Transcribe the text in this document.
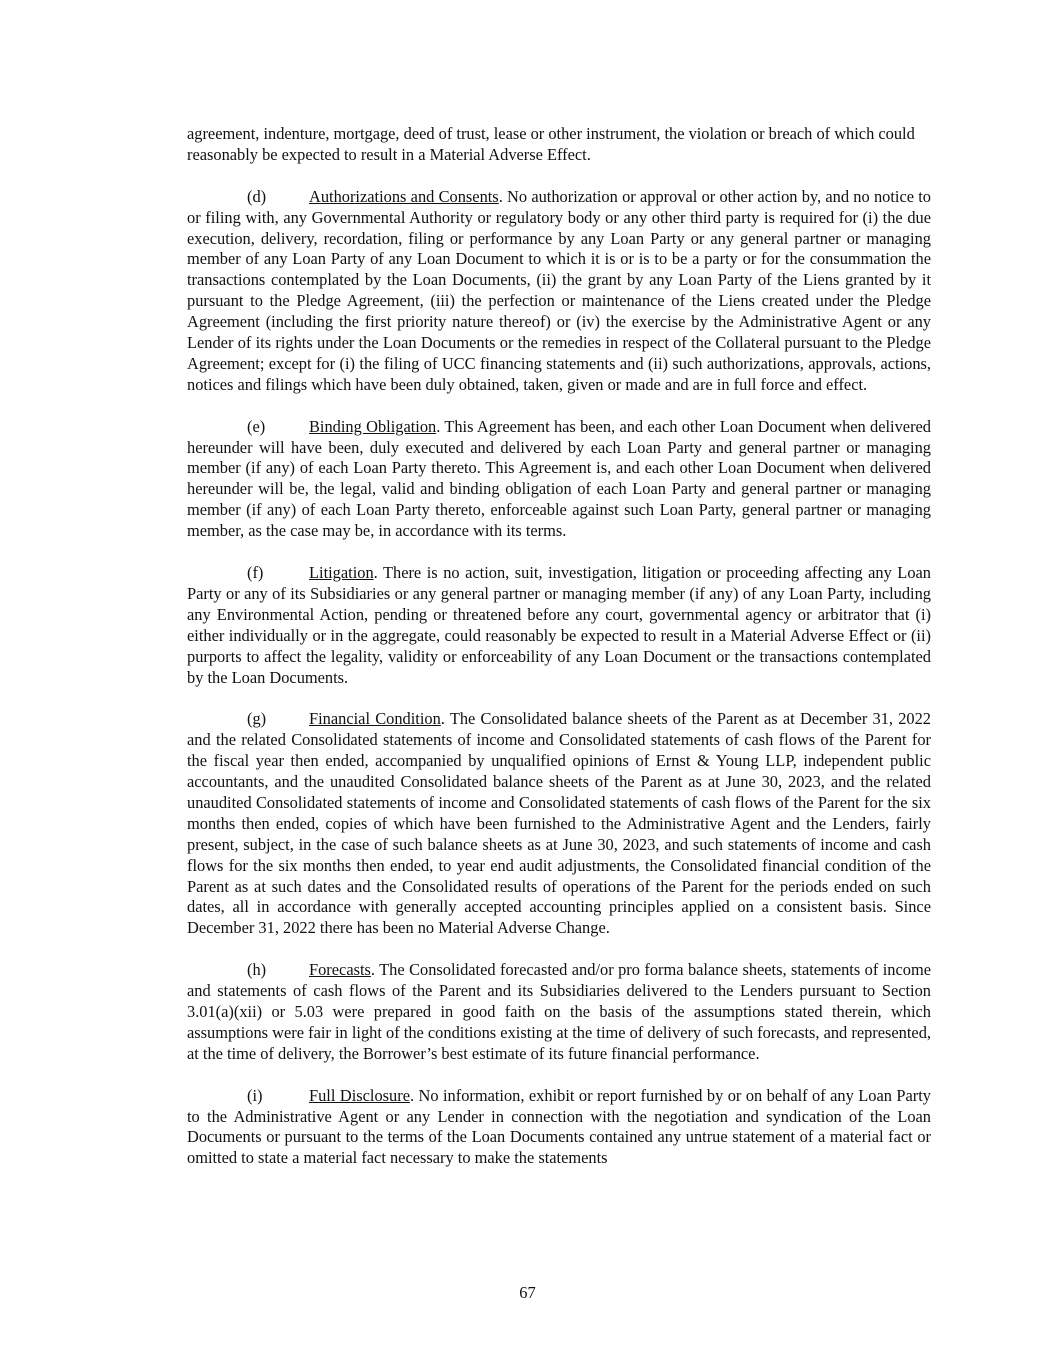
agreement, indenture, mortgage, deed of trust, lease or other instrument, the violation or breach of which could reasonably be expected to result in a Material Adverse Effect.

(d)	Authorizations and Consents. No authorization or approval or other action by, and no notice to or filing with, any Governmental Authority or regulatory body or any other third party is required for (i) the due execution, delivery, recordation, filing or performance by any Loan Party or any general partner or managing member of any Loan Party of any Loan Document to which it is or is to be a party or for the consummation the transactions contemplated by the Loan Documents, (ii) the grant by any Loan Party of the Liens granted by it pursuant to the Pledge Agreement, (iii) the perfection or maintenance of the Liens created under the Pledge Agreement (including the first priority nature thereof) or (iv) the exercise by the Administrative Agent or any Lender of its rights under the Loan Documents or the remedies in respect of the Collateral pursuant to the Pledge Agreement; except for (i) the filing of UCC financing statements and (ii) such authorizations, approvals, actions, notices and filings which have been duly obtained, taken, given or made and are in full force and effect.

(e)	Binding Obligation. This Agreement has been, and each other Loan Document when delivered hereunder will have been, duly executed and delivered by each Loan Party and general partner or managing member (if any) of each Loan Party thereto. This Agreement is, and each other Loan Document when delivered hereunder will be, the legal, valid and binding obligation of each Loan Party and general partner or managing member (if any) of each Loan Party thereto, enforceable against such Loan Party, general partner or managing member, as the case may be, in accordance with its terms.

(f)	Litigation. There is no action, suit, investigation, litigation or proceeding affecting any Loan Party or any of its Subsidiaries or any general partner or managing member (if any) of any Loan Party, including any Environmental Action, pending or threatened before any court, governmental agency or arbitrator that (i) either individually or in the aggregate, could reasonably be expected to result in a Material Adverse Effect or (ii) purports to affect the legality, validity or enforceability of any Loan Document or the transactions contemplated by the Loan Documents.

(g)	Financial Condition. The Consolidated balance sheets of the Parent as at December 31, 2022 and the related Consolidated statements of income and Consolidated statements of cash flows of the Parent for the fiscal year then ended, accompanied by unqualified opinions of Ernst & Young LLP, independent public accountants, and the unaudited Consolidated balance sheets of the Parent as at June 30, 2023, and the related unaudited Consolidated statements of income and Consolidated statements of cash flows of the Parent for the six months then ended, copies of which have been furnished to the Administrative Agent and the Lenders, fairly present, subject, in the case of such balance sheets as at June 30, 2023, and such statements of income and cash flows for the six months then ended, to year end audit adjustments, the Consolidated financial condition of the Parent as at such dates and the Consolidated results of operations of the Parent for the periods ended on such dates, all in accordance with generally accepted accounting principles applied on a consistent basis. Since December 31, 2022 there has been no Material Adverse Change.

(h)	Forecasts. The Consolidated forecasted and/or pro forma balance sheets, statements of income and statements of cash flows of the Parent and its Subsidiaries delivered to the Lenders pursuant to Section 3.01(a)(xii) or 5.03 were prepared in good faith on the basis of the assumptions stated therein, which assumptions were fair in light of the conditions existing at the time of delivery of such forecasts, and represented, at the time of delivery, the Borrower’s best estimate of its future financial performance.

(i)	Full Disclosure. No information, exhibit or report furnished by or on behalf of any Loan Party to the Administrative Agent or any Lender in connection with the negotiation and syndication of the Loan Documents or pursuant to the terms of the Loan Documents contained any untrue statement of a material fact or omitted to state a material fact necessary to make the statements

67
